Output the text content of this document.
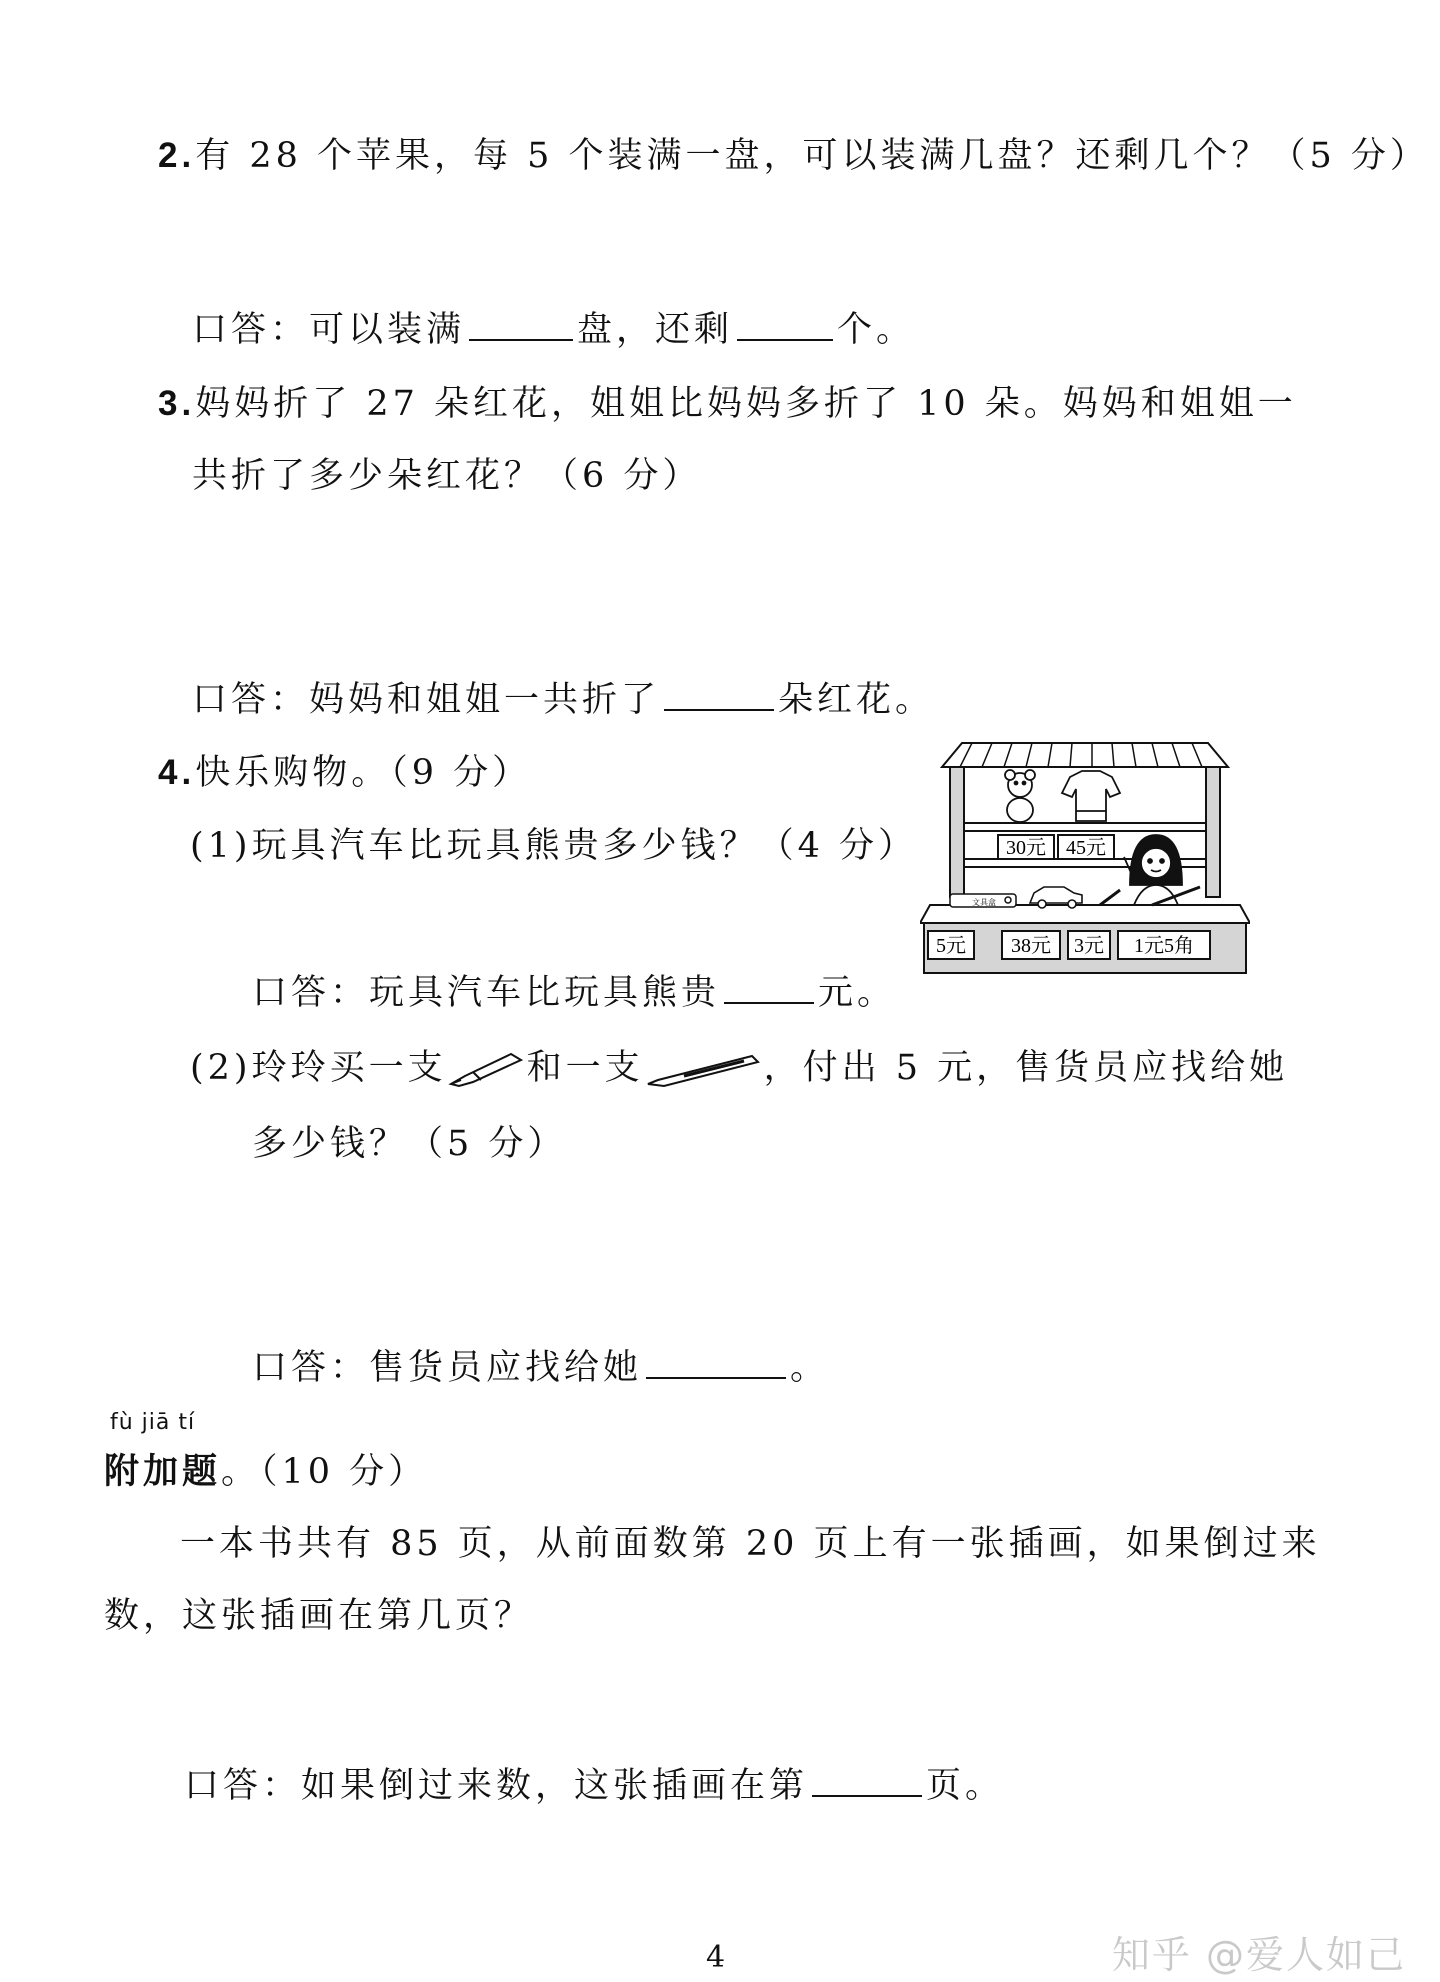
2.有 28 个苹果，每 5 个装满一盘，可以装满几盘？还剩几个？（5 分）
口答：可以装满	盘，还剩	个。
3.妈妈折了 27 朵红花，姐姐比妈妈多折了 10 朵。妈妈和姐姐一
共折了多少朵红花？（6 分）
口答：妈妈和姐姐一共折了	朵红花。
4.快乐购物。（9 分）
(1)玩具汽车比玩具熊贵多少钱？（4 分）
口答：玩具汽车比玩具熊贵	元。
30元 45元
文具盒
5元 38元 3元 1元5角
(2)玲玲买一支 和一支	，付出 5 元，售货员应找给她
多少钱？（5 分）
口答：售货员应找给她	。
fù jiā tí
附加题。（10 分）
一本书共有 85 页，从前面数第 20 页上有一张插画，如果倒过来
数，这张插画在第几页？
口答：如果倒过来数，这张插画在第	页。
4	知乎 @爱人如己
